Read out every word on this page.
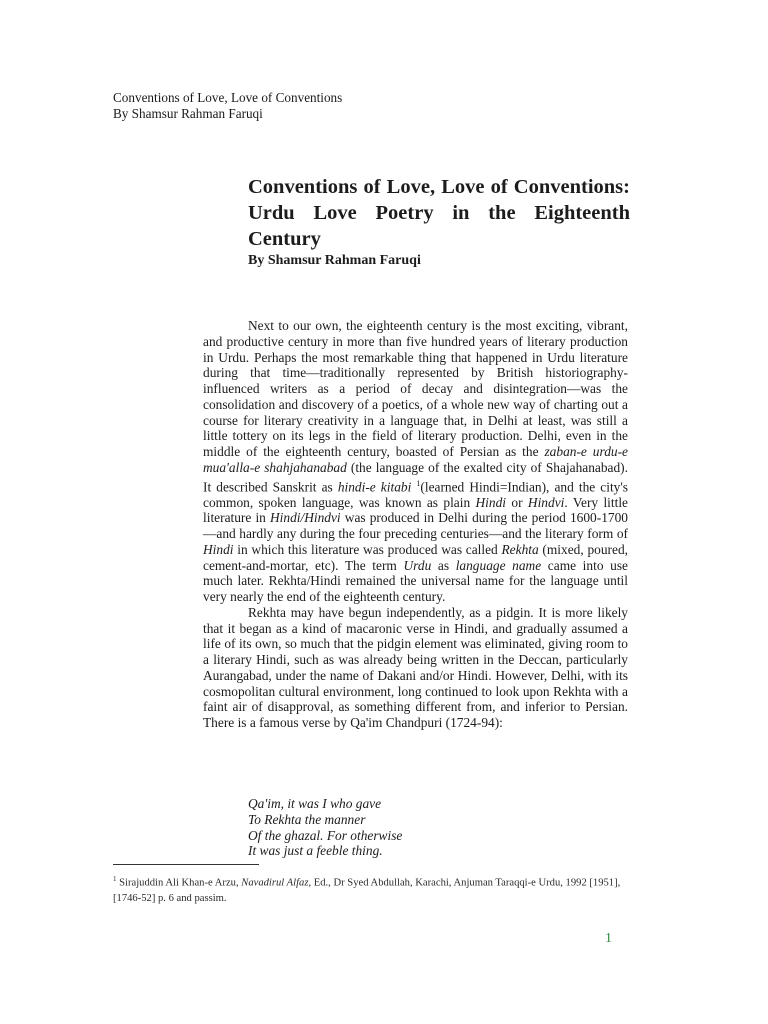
Conventions of Love, Love of Conventions
By Shamsur Rahman Faruqi
Conventions of Love, Love of Conventions: Urdu Love Poetry in the Eighteenth Century
By Shamsur Rahman Faruqi

Next to our own, the eighteenth century is the most exciting, vibrant, and productive century in more than five hundred years of literary production in Urdu. Perhaps the most remarkable thing that happened in Urdu literature during that time—traditionally represented by British historiography-influenced writers as a period of decay and disintegration—was the consolidation and discovery of a poetics, of a whole new way of charting out a course for literary creativity in a language that, in Delhi at least, was still a little tottery on its legs in the field of literary production. Delhi, even in the middle of the eighteenth century, boasted of Persian as the zaban-e urdu-e mua'alla-e shahjahanabad (the language of the exalted city of Shajahanabad). It described Sanskrit as hindi-e kitabi $^1$(learned Hindi=Indian), and the city's common, spoken language, was known as plain Hindi or Hindvi. Very little literature in Hindi/Hindvi was produced in Delhi during the period 1600-1700—and hardly any during the four preceding centuries—and the literary form of Hindi in which this literature was produced was called Rekhta (mixed, poured, cement-and-mortar, etc). The term Urdu as language name came into use much later. Rekhta/Hindi remained the universal name for the language until very nearly the end of the eighteenth century.

Rekhta may have begun independently, as a pidgin. It is more likely that it began as a kind of macaronic verse in Hindi, and gradually assumed a life of its own, so much that the pidgin element was eliminated, giving room to a literary Hindi, such as was already being written in the Deccan, particularly Aurangabad, under the name of Dakani and/or Hindi. However, Delhi, with its cosmopolitan cultural environment, long continued to look upon Rekhta with a faint air of disapproval, as something different from, and inferior to Persian. There is a famous verse by Qa'im Chandpuri (1724-94):

Qa'im, it was I who gave
To Rekhta the manner
Of the ghazal. For otherwise
It was just a feeble thing.
$^1$ Sirajuddin Ali Khan-e Arzu, Navadirul Alfaz, Ed., Dr Syed Abdullah, Karachi, Anjuman Taraqqi-e Urdu, 1992 [1951], [1746-52] p. 6 and passim.
1
